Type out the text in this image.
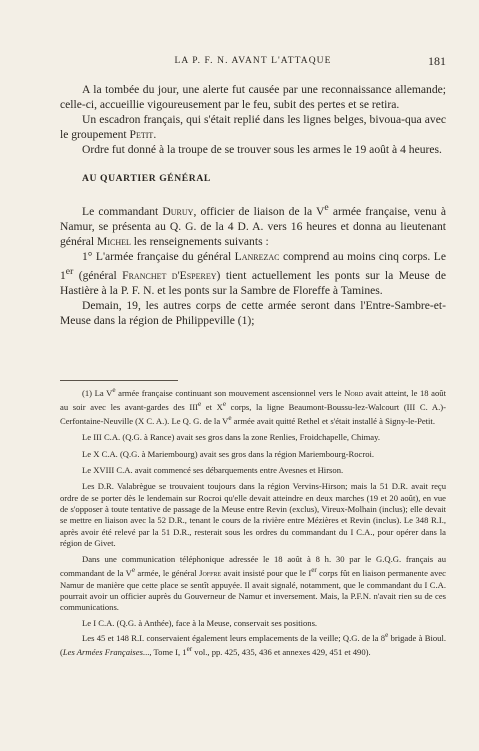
LA P. F. N. AVANT L'ATTAQUE	181

A la tombée du jour, une alerte fut causée par une reconnaissance allemande; celle-ci, accueillie vigoureusement par le feu, subit des pertes et se retira.

Un escadron français, qui s'était replié dans les lignes belges, bivoua-qua avec le groupement Petit.

Ordre fut donné à la troupe de se trouver sous les armes le 19 août à 4 heures.

AU QUARTIER GÉNÉRAL

Le commandant Duruy, officier de liaison de la Ve armée française, venu à Namur, se présenta au Q. G. de la 4 D. A. vers 16 heures et donna au lieutenant général Michel les renseignements suivants :

1° L'armée française du général Lanrezac comprend au moins cinq corps. Le 1er (général Franchet d'Esperey) tient actuellement les ponts sur la Meuse de Hastière à la P. F. N. et les ponts sur la Sambre de Floreffe à Tamines.

Demain, 19, les autres corps de cette armée seront dans l'Entre-Sambre-et-Meuse dans la région de Philippeville (1);

(1) La Ve armée française continuant son mouvement ascensionnel vers le Nord avait atteint, le 18 août au soir avec les avant-gardes des IIIe et Xe corps, la ligne Beaumont-Boussu-lez-Walcourt (III C. A.)-Cerfontaine-Neuville (X C. A.). Le Q. G. de la Ve armée avait quitté Rethel et s'était installé à Signy-le-Petit.

Le III C.A. (Q.G. à Rance) avait ses gros dans la zone Renlies, Froidchapelle, Chimay.

Le X C.A. (Q.G. à Mariembourg) avait ses gros dans la région Mariembourg-Rocroi.

Le XVIII C.A. avait commencé ses débarquements entre Avesnes et Hirson.

Les D.R. Valabrègue se trouvaient toujours dans la région Vervins-Hirson; mais la 51 D.R. avait reçu ordre de se porter dès le lendemain sur Rocroi qu'elle devait atteindre en deux marches (19 et 20 août), en vue de s'opposer à toute tentative de passage de la Meuse entre Revin (exclus), Vireux-Molhain (inclus); elle devait se mettre en liaison avec la 52 D.R., tenant le cours de la rivière entre Mézières et Revin (inclus). Le 348 R.I., après avoir été relevé par la 51 D.R., resterait sous les ordres du commandant du I C.A., pour opérer dans la région de Givet.

Dans une communication téléphonique adressée le 18 août à 8 h. 30 par le G.Q.G. français au commandant de la Ve armée, le général Joffre avait insisté pour que le Ier corps fût en liaison permanente avec Namur de manière que cette place se sentît appuyée. Il avait signalé, notamment, que le commandant du I C.A. pourrait avoir un officier auprès du Gouverneur de Namur et inversement. Mais, la P.F.N. n'avait rien su de ces communications.

Le I C.A. (Q.G. à Anthée), face à la Meuse, conservait ses positions.

Les 45 et 148 R.I. conservaient également leurs emplacements de la veille; Q.G. de la 8e brigade à Bioul. (Les Armées Françaises..., Tome I, 1er vol., pp. 425, 435, 436 et annexes 429, 451 et 490).
